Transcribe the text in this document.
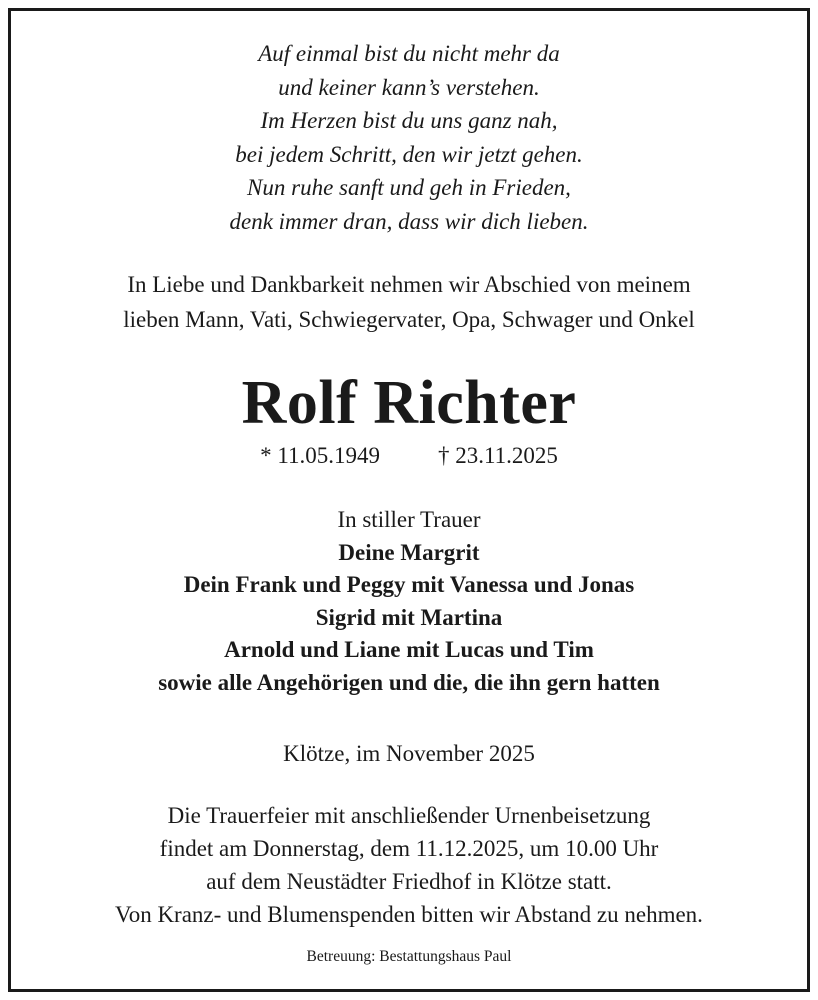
Auf einmal bist du nicht mehr da
und keiner kann’s verstehen.
Im Herzen bist du uns ganz nah,
bei jedem Schritt, den wir jetzt gehen.
Nun ruhe sanft und geh in Frieden,
denk immer dran, dass wir dich lieben.
In Liebe und Dankbarkeit nehmen wir Abschied von meinem
lieben Mann, Vati, Schwiegervater, Opa, Schwager und Onkel
Rolf Richter
* 11.05.1949	† 23.11.2025
In stiller Trauer
Deine Margrit
Dein Frank und Peggy mit Vanessa und Jonas
Sigrid mit Martina
Arnold und Liane mit Lucas und Tim
sowie alle Angehörigen und die, die ihn gern hatten
Klötze, im November 2025
Die Trauerfeier mit anschließender Urnenbeisetzung
findet am Donnerstag, dem 11.12.2025, um 10.00 Uhr
auf dem Neustädter Friedhof in Klötze statt.
Von Kranz- und Blumenspenden bitten wir Abstand zu nehmen.
Betreuung: Bestattungshaus Paul
